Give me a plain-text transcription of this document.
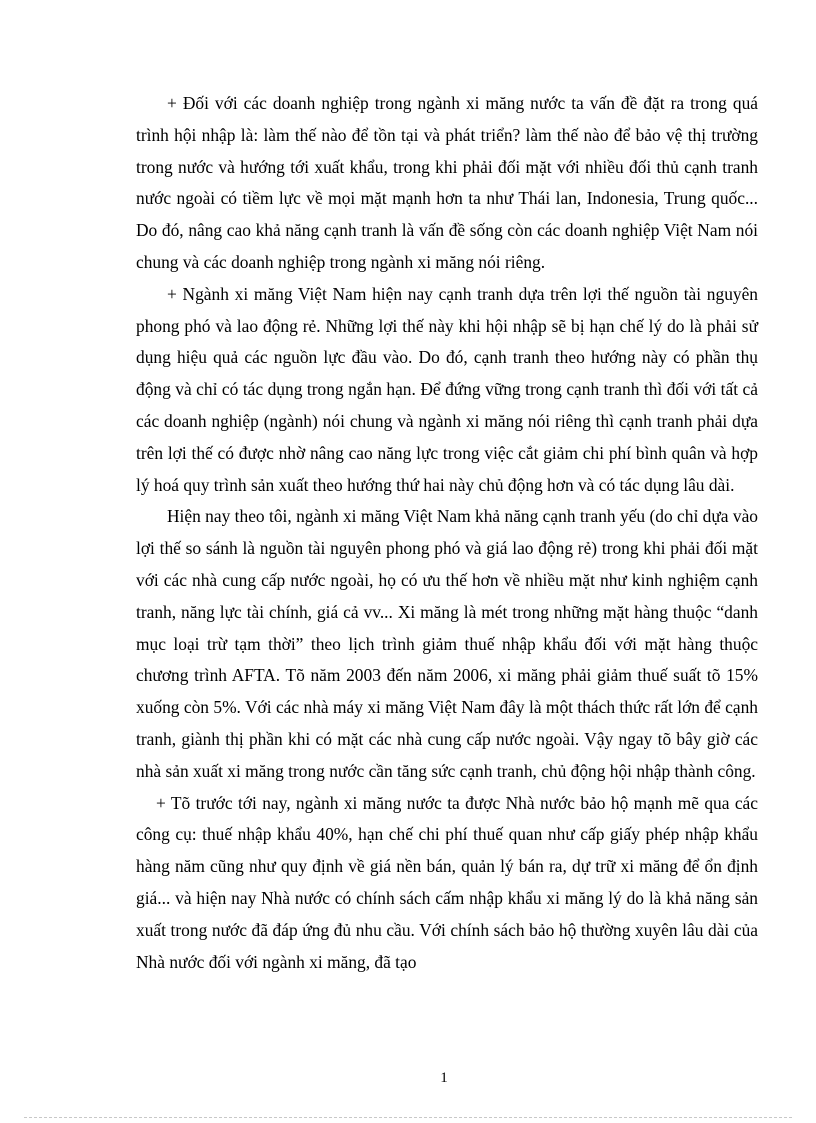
+ Đối với các doanh nghiệp trong ngành xi măng nước ta vấn đề đặt ra trong quá trình hội nhập là: làm thế nào để tồn tại và phát triển? làm thế nào để bảo vệ thị trường trong nước và hướng tới xuất khẩu, trong khi phải đối mặt với nhiều đối thủ cạnh tranh nước ngoài có tiềm lực về mọi mặt mạnh hơn ta như Thái lan, Indonesia, Trung quốc... Do đó, nâng cao khả năng cạnh tranh là vấn đề sống còn các doanh nghiệp Việt Nam nói chung và các doanh nghiệp trong ngành xi măng nói riêng.

+ Ngành xi măng Việt Nam hiện nay cạnh tranh dựa trên lợi thế nguồn tài nguyên phong phó và lao động rẻ. Những lợi thế này khi hội nhập sẽ bị hạn chế lý do là phải sử dụng hiệu quả các nguồn lực đầu vào. Do đó, cạnh tranh theo hướng này có phần thụ động và chỉ có tác dụng trong ngắn hạn. Để đứng vững trong cạnh tranh thì đối với tất cả các doanh nghiệp (ngành) nói chung và ngành xi măng nói riêng thì cạnh tranh phải dựa trên lợi thế có được nhờ nâng cao năng lực trong việc cắt giảm chi phí bình quân và hợp lý hoá quy trình sản xuất theo hướng thứ hai này chủ động hơn và có tác dụng lâu dài.

Hiện nay theo tôi, ngành xi măng Việt Nam khả năng cạnh tranh yếu (do chỉ dựa vào lợi thế so sánh là nguồn tài nguyên phong phó và giá lao động rẻ) trong khi phải đối mặt với các nhà cung cấp nước ngoài, họ có ưu thế hơn về nhiều mặt như kinh nghiệm cạnh tranh, năng lực tài chính, giá cả vv... Xi măng là mét trong những mặt hàng thuộc “danh mục loại trừ tạm thời” theo lịch trình giảm thuế nhập khẩu đối với mặt hàng thuộc chương trình AFTA. Tõ năm 2003 đến năm 2006, xi măng phải giảm thuế suất tõ 15% xuống còn 5%. Với các nhà máy xi măng Việt Nam đây là một thách thức rất lớn để cạnh tranh, giành thị phần khi có mặt các nhà cung cấp nước ngoài. Vậy ngay tõ bây giờ các nhà sản xuất xi măng trong nước cần tăng sức cạnh tranh, chủ động hội nhập thành công.

+ Tõ trước tới nay, ngành xi măng nước ta được Nhà nước bảo hộ mạnh mẽ qua các công cụ: thuế nhập khẩu 40%, hạn chế chi phí thuế quan như cấp giấy phép nhập khẩu hàng năm cũng như quy định về giá nền bán, quản lý bán ra, dự trữ xi măng để ổn định giá... và hiện nay Nhà nước có chính sách cấm nhập khẩu xi măng lý do là khả năng sản xuất trong nước đã đáp ứng đủ nhu cầu. Với chính sách bảo hộ thường xuyên lâu dài của Nhà nước đối với ngành xi măng, đã tạo

1
